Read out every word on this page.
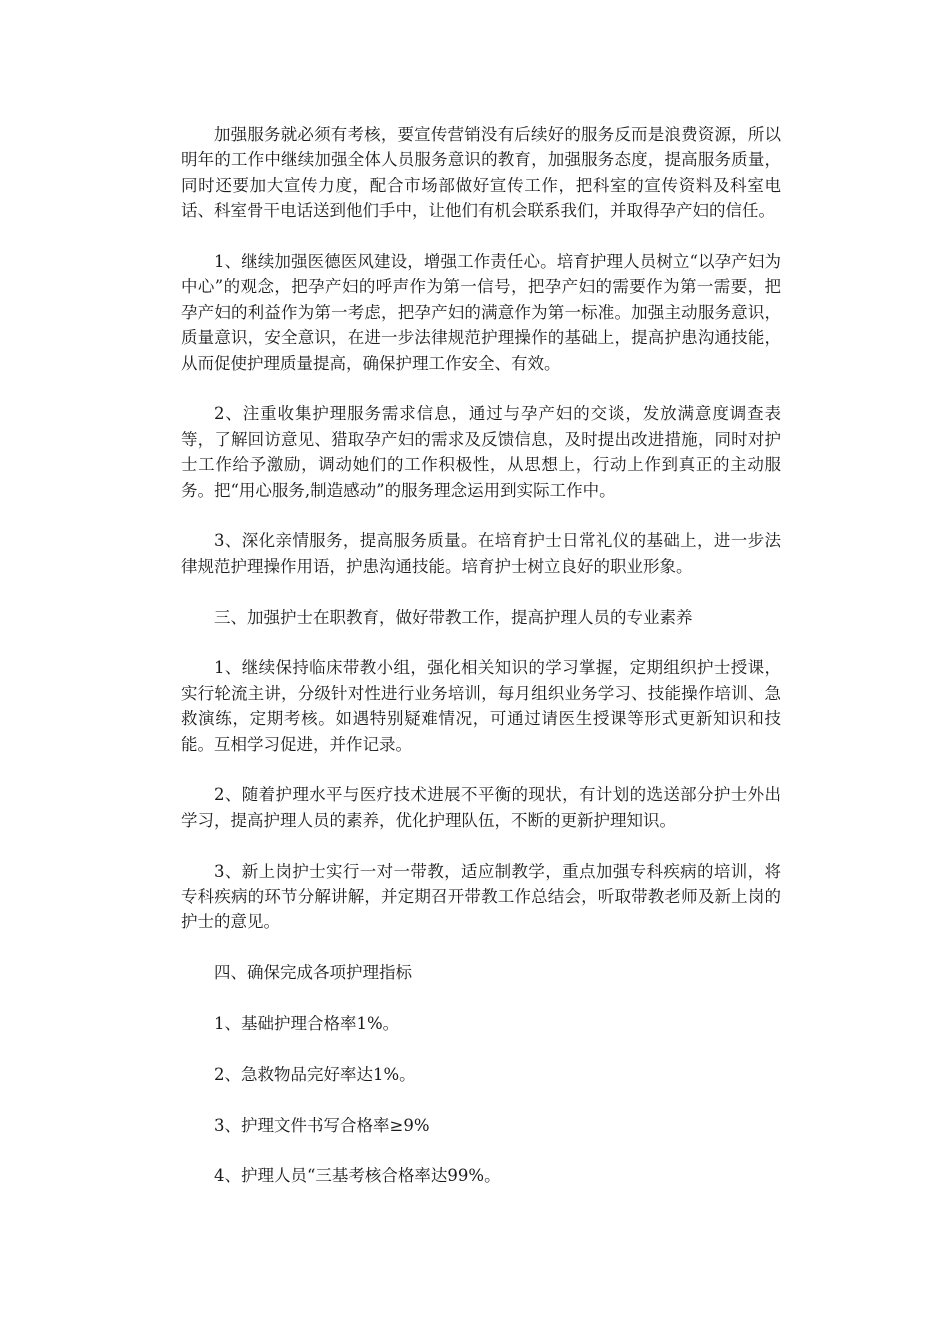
加强服务就必须有考核，要宣传营销没有后续好的服务反而是浪费资源，所以明年的工作中继续加强全体人员服务意识的教育，加强服务态度，提高服务质量，同时还要加大宣传力度，配合市场部做好宣传工作，把科室的宣传资料及科室电话、科室骨干电话送到他们手中，让他们有机会联系我们，并取得孕产妇的信任。

1、继续加强医德医风建设，增强工作责任心。培育护理人员树立“以孕产妇为中心”的观念，把孕产妇的呼声作为第一信号，把孕产妇的需要作为第一需要，把孕产妇的利益作为第一考虑，把孕产妇的满意作为第一标准。加强主动服务意识，质量意识，安全意识，在进一步法律规范护理操作的基础上，提高护患沟通技能，从而促使护理质量提高，确保护理工作安全、有效。

2、注重收集护理服务需求信息，通过与孕产妇的交谈，发放满意度调查表等，了解回访意见、猎取孕产妇的需求及反馈信息，及时提出改进措施，同时对护士工作给予激励，调动她们的工作积极性，从思想上，行动上作到真正的主动服务。把“用心服务,制造感动”的服务理念运用到实际工作中。

3、深化亲情服务，提高服务质量。在培育护士日常礼仪的基础上，进一步法律规范护理操作用语，护患沟通技能。培育护士树立良好的职业形象。

三、加强护士在职教育，做好带教工作，提高护理人员的专业素养

1、继续保持临床带教小组，强化相关知识的学习掌握，定期组织护士授课，实行轮流主讲，分级针对性进行业务培训，每月组织业务学习、技能操作培训、急救演练，定期考核。如遇特别疑难情况，可通过请医生授课等形式更新知识和技能。互相学习促进，并作记录。

2、随着护理水平与医疗技术进展不平衡的现状，有计划的选送部分护士外出学习，提高护理人员的素养，优化护理队伍，不断的更新护理知识。

3、新上岗护士实行一对一带教，适应制教学，重点加强专科疾病的培训，将专科疾病的环节分解讲解，并定期召开带教工作总结会，听取带教老师及新上岗的护士的意见。

四、确保完成各项护理指标

1、基础护理合格率1%。

2、急救物品完好率达1%。

3、护理文件书写合格率≥9%

4、护理人员“三基考核合格率达99%。
